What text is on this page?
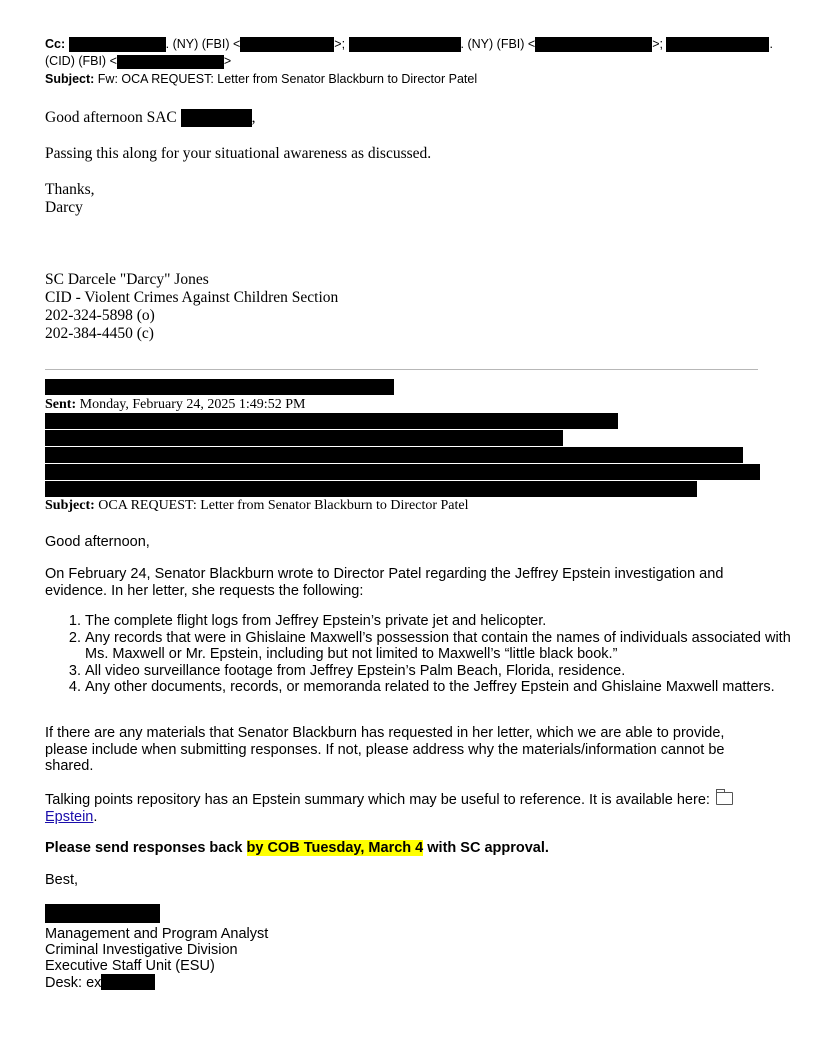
Cc:	. (NY) (FBI) <	>;	. (NY) (FBI) <	>;	.
(CID) (FBI) <	>
Subject: Fw: OCA REQUEST: Letter from Senator Blackburn to Director Patel
Good afternoon SAC	,
Passing this along for your situational awareness as discussed.
Thanks,
Darcy
SC Darcele "Darcy" Jones
CID - Violent Crimes Against Children Section
202-324-5898 (o)
202-384-4450 (c)
Sent: Monday, February 24, 2025 1:49:52 PM
Subject: OCA REQUEST: Letter from Senator Blackburn to Director Patel
Good afternoon,
On February 24, Senator Blackburn wrote to Director Patel regarding the Jeffrey Epstein investigation and evidence. In her letter, she requests the following:
1. The complete flight logs from Jeffrey Epstein’s private jet and helicopter.
2. Any records that were in Ghislaine Maxwell’s possession that contain the names of individuals associated with Ms. Maxwell or Mr. Epstein, including but not limited to Maxwell’s “little black book.”
3. All video surveillance footage from Jeffrey Epstein’s Palm Beach, Florida, residence.
4. Any other documents, records, or memoranda related to the Jeffrey Epstein and Ghislaine Maxwell matters.
If there are any materials that Senator Blackburn has requested in her letter, which we are able to provide, please include when submitting responses. If not, please address why the materials/information cannot be shared.
Talking points repository has an Epstein summary which may be useful to reference. It is available here:
Epstein.
Please send responses back by COB Tuesday, March 4 with SC approval.
Best,
Management and Program Analyst
Criminal Investigative Division
Executive Staff Unit (ESU)
Desk: ex
